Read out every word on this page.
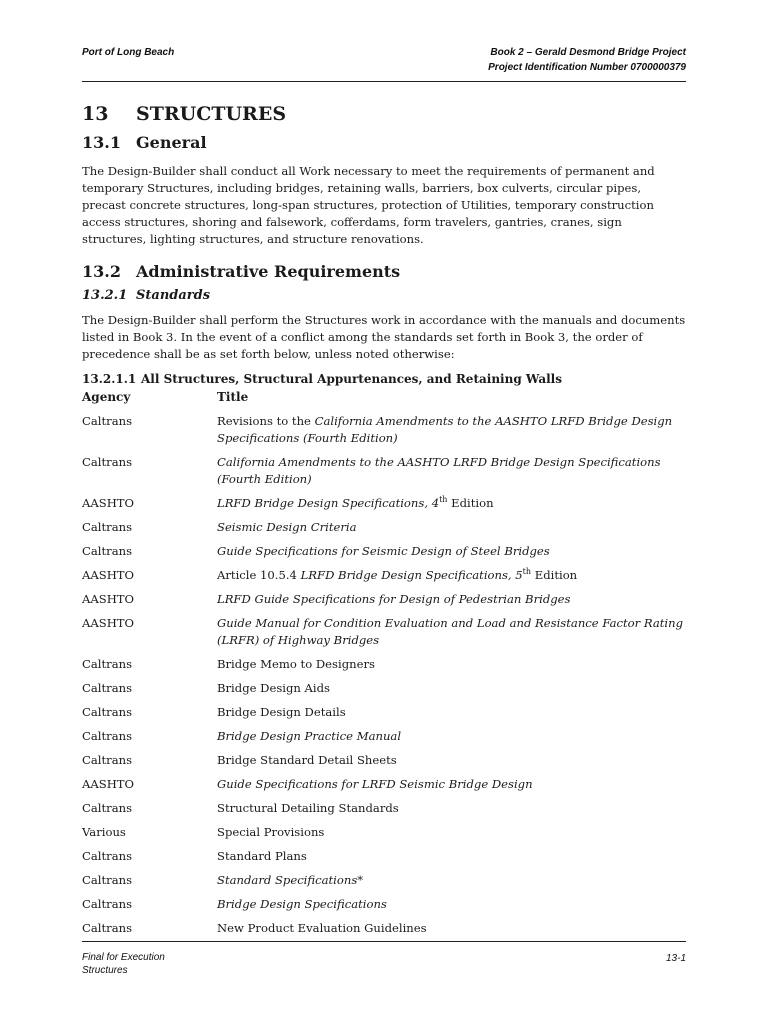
Port of Long Beach	Book 2 – Gerald Desmond Bridge Project
Project Identification Number 0700000379
13	STRUCTURES
13.1 General

The Design-Builder shall conduct all Work necessary to meet the requirements of permanent and temporary Structures, including bridges, retaining walls, barriers, box culverts, circular pipes, precast concrete structures, long-span structures, protection of Utilities, temporary construction access structures, shoring and falsework, cofferdams, form travelers, gantries, cranes, sign structures, lighting structures, and structure renovations.

13.2 Administrative Requirements
13.2.1 Standards

The Design-Builder shall perform the Structures work in accordance with the manuals and documents listed in Book 3. In the event of a conflict among the standards set forth in Book 3, the order of precedence shall be as set forth below, unless noted otherwise:

13.2.1.1 All Structures, Structural Appurtenances, and Retaining Walls
Agency	Title
Caltrans	Revisions to the California Amendments to the AASHTO LRFD Bridge Design Specifications (Fourth Edition)
Caltrans	California Amendments to the AASHTO LRFD Bridge Design Specifications (Fourth Edition)
AASHTO	LRFD Bridge Design Specifications, 4th Edition
Caltrans	Seismic Design Criteria
Caltrans	Guide Specifications for Seismic Design of Steel Bridges
AASHTO	Article 10.5.4 LRFD Bridge Design Specifications, 5th Edition
AASHTO	LRFD Guide Specifications for Design of Pedestrian Bridges
AASHTO	Guide Manual for Condition Evaluation and Load and Resistance Factor Rating (LRFR) of Highway Bridges
Caltrans	Bridge Memo to Designers
Caltrans	Bridge Design Aids
Caltrans	Bridge Design Details
Caltrans	Bridge Design Practice Manual
Caltrans	Bridge Standard Detail Sheets
AASHTO	Guide Specifications for LRFD Seismic Bridge Design
Caltrans	Structural Detailing Standards
Various	Special Provisions
Caltrans	Standard Plans
Caltrans	Standard Specifications*
Caltrans	Bridge Design Specifications
Caltrans	New Product Evaluation Guidelines
Final for Execution
Structures
13-1
